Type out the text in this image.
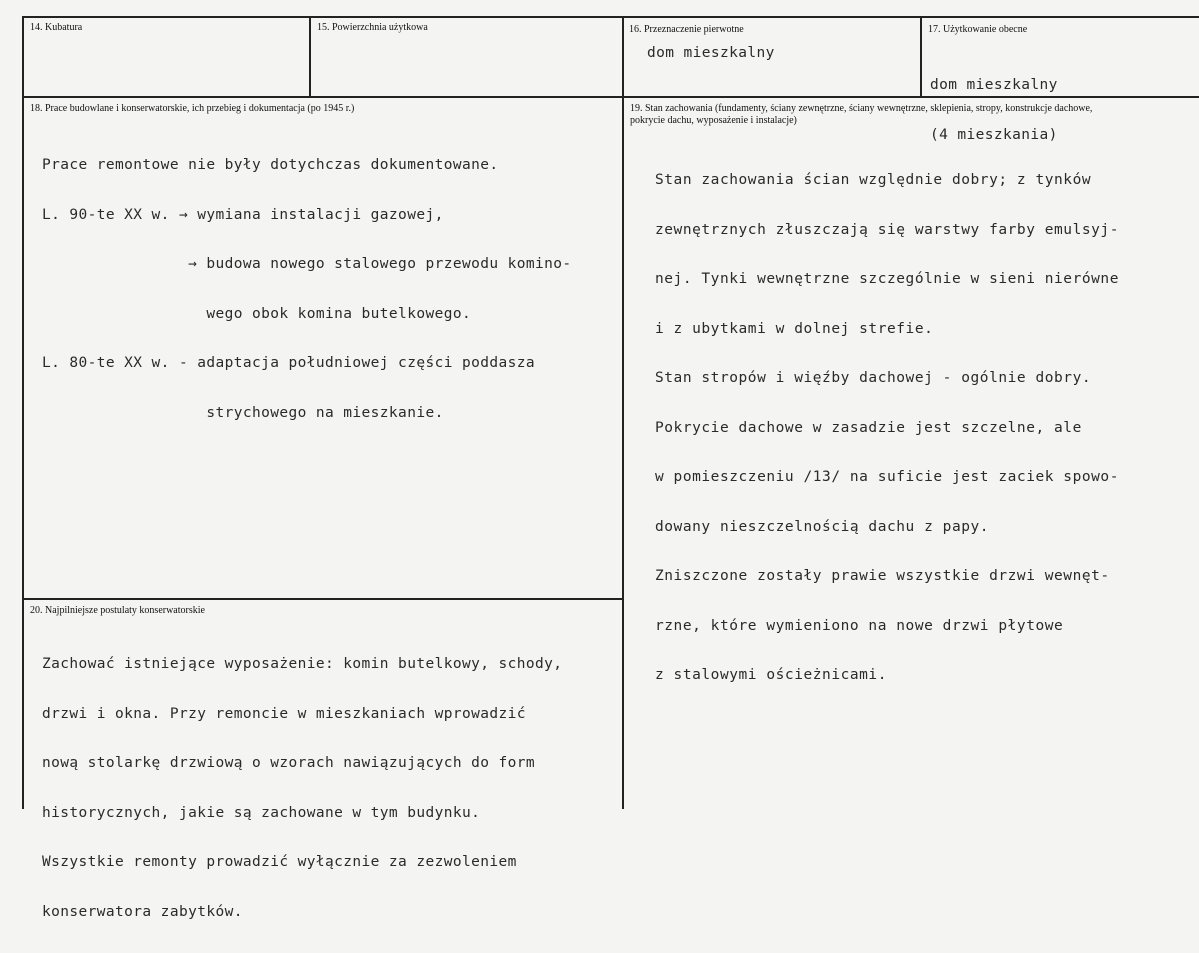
14. Kubatura	15. Powierzchnia użytkowa	16. Przeznaczenie pierwotne
dom mieszkalny
17. Użytkowanie obecne

dom mieszkalny

(4 mieszkania)

18. Prace budowlane i konserwatorskie, ich przebieg i dokumentacja (po 1945 r.)

Prace remontowe nie były dotychczas dokumentowane.

L. 90-te XX w. → wymiana instalacji gazowej,

→ budowa nowego stalowego przewodu komino-

wego obok komina butelkowego.

L. 80-te XX w. - adaptacja południowej części poddasza

strychowego na mieszkanie.

19. Stan zachowania (fundamenty, ściany zewnętrzne, ściany wewnętrzne, sklepienia, stropy, konstrukcje dachowe,
pokrycie dachu, wyposażenie i instalacje)

Stan zachowania ścian względnie dobry; z tynków

zewnętrznych złuszczają się warstwy farby emulsyj-

nej. Tynki wewnętrzne szczególnie w sieni nierówne

i z ubytkami w dolnej strefie.

Stan stropów i więźby dachowej - ogólnie dobry.

Pokrycie dachowe w zasadzie jest szczelne, ale

w pomieszczeniu /13/ na suficie jest zaciek spowo-

dowany nieszczelnością dachu z papy.

Zniszczone zostały prawie wszystkie drzwi wewnęt-

rzne, które wymieniono na nowe drzwi płytowe

z stalowymi ościeżnicami.

20. Najpilniejsze postulaty konserwatorskie

Zachować istniejące wyposażenie: komin butelkowy, schody,

drzwi i okna. Przy remoncie w mieszkaniach wprowadzić

nową stolarkę drzwiową o wzorach nawiązujących do form

historycznych, jakie są zachowane w tym budynku.

Wszystkie remonty prowadzić wyłącznie za zezwoleniem

konserwatora zabytków.
